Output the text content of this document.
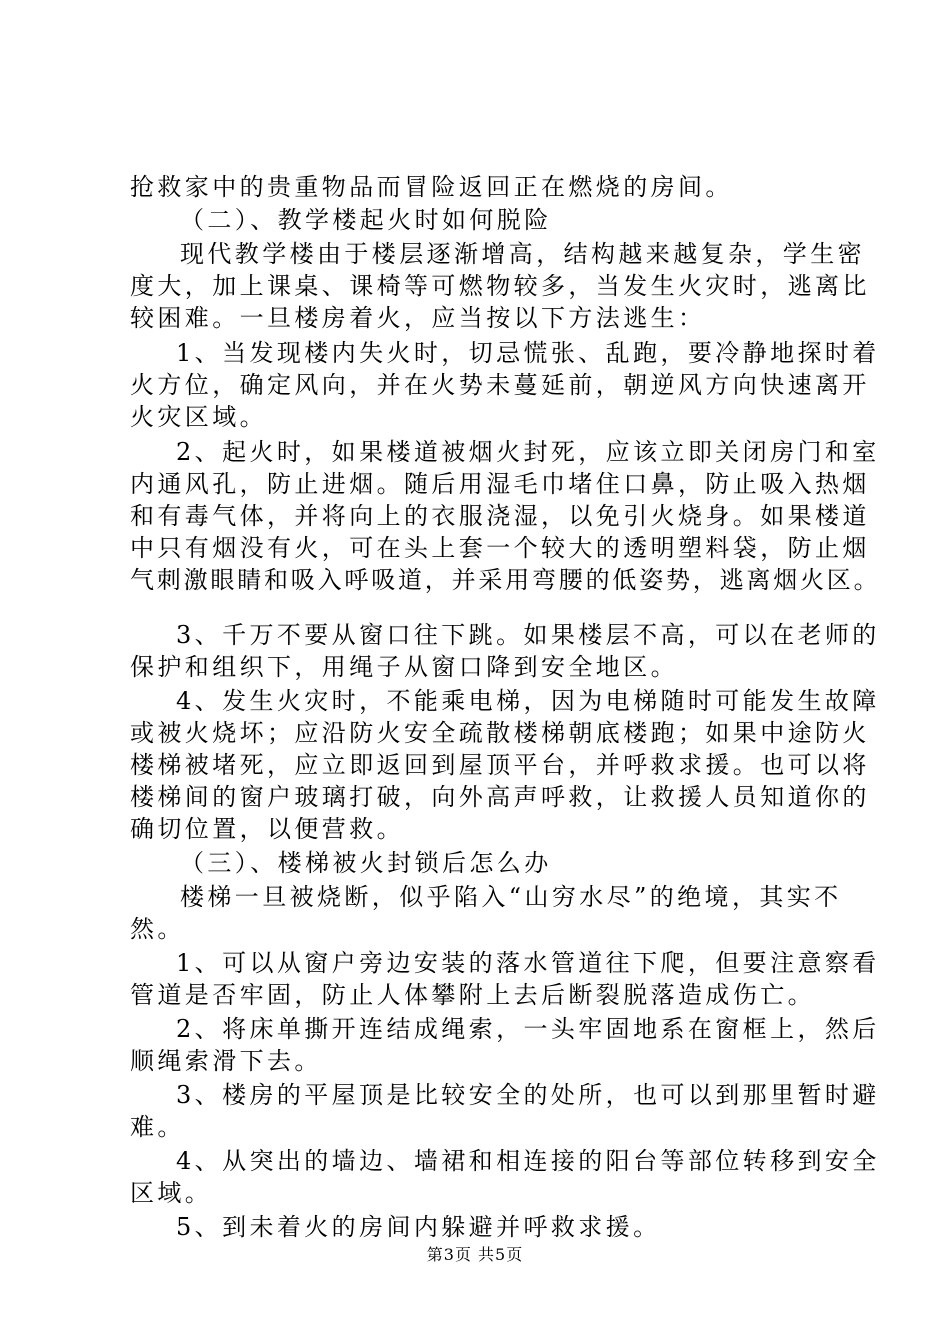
抢救家中的贵重物品而冒险返回正在燃烧的房间。
（二）、教学楼起火时如何脱险
现代教学楼由于楼层逐渐增高，结构越来越复杂，学生密
度大，加上课桌、课椅等可燃物较多，当发生火灾时，逃离比
较困难。一旦楼房着火，应当按以下方法逃生：
1、当发现楼内失火时，切忌慌张、乱跑，要冷静地探时着
火方位，确定风向，并在火势未蔓延前，朝逆风方向快速离开
火灾区域。
2、起火时，如果楼道被烟火封死，应该立即关闭房门和室
内通风孔，防止进烟。随后用湿毛巾堵住口鼻，防止吸入热烟
和有毒气体，并将向上的衣服浇湿，以免引火烧身。如果楼道
中只有烟没有火，可在头上套一个较大的透明塑料袋，防止烟
气刺激眼睛和吸入呼吸道，并采用弯腰的低姿势，逃离烟火区。
3、千万不要从窗口往下跳。如果楼层不高，可以在老师的
保护和组织下，用绳子从窗口降到安全地区。
4、发生火灾时，不能乘电梯，因为电梯随时可能发生故障
或被火烧坏；应沿防火安全疏散楼梯朝底楼跑；如果中途防火
楼梯被堵死，应立即返回到屋顶平台，并呼救求援。也可以将
楼梯间的窗户玻璃打破，向外高声呼救，让救援人员知道你的
确切位置，以便营救。
（三）、楼梯被火封锁后怎么办
楼梯一旦被烧断，似乎陷入“山穷水尽”的绝境，其实不
然。
1、可以从窗户旁边安装的落水管道往下爬，但要注意察看
管道是否牢固，防止人体攀附上去后断裂脱落造成伤亡。
2、将床单撕开连结成绳索，一头牢固地系在窗框上，然后
顺绳索滑下去。
3、楼房的平屋顶是比较安全的处所，也可以到那里暂时避
难。
4、从突出的墙边、墙裙和相连接的阳台等部位转移到安全
区域。
5、到未着火的房间内躲避并呼救求援。
第3页 共5页
